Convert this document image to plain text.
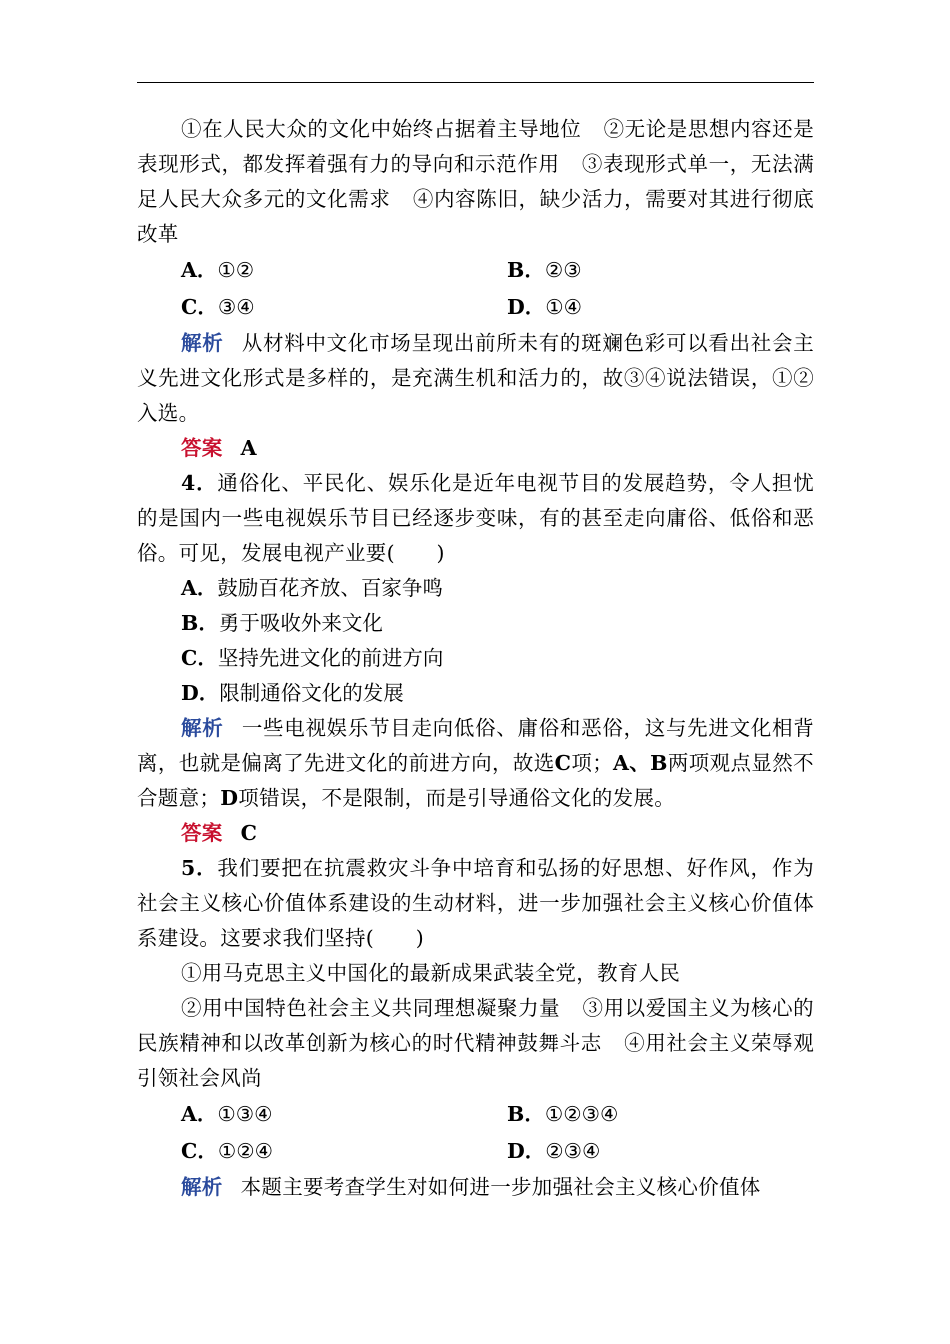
①在人民大众的文化中始终占据着主导地位 ②无论是思想内容还是表现形式，都发挥着强有力的导向和示范作用 ③表现形式单一，无法满足人民大众多元的文化需求 ④内容陈旧，缺少活力，需要对其进行彻底改革
A．①②	B．②③
C．③④	D．①④
解析 从材料中文化市场呈现出前所未有的斑斓色彩可以看出社会主义先进文化形式是多样的，是充满生机和活力的，故③④说法错误，①②入选。
答案 A
4．通俗化、平民化、娱乐化是近年电视节目的发展趋势，令人担忧的是国内一些电视娱乐节目已经逐步变味，有的甚至走向庸俗、低俗和恶俗。可见，发展电视产业要(　　)
A．鼓励百花齐放、百家争鸣
B．勇于吸收外来文化
C．坚持先进文化的前进方向
D．限制通俗文化的发展
解析 一些电视娱乐节目走向低俗、庸俗和恶俗，这与先进文化相背离，也就是偏离了先进文化的前进方向，故选C项；A、B两项观点显然不合题意；D项错误，不是限制，而是引导通俗文化的发展。
答案 C
5．我们要把在抗震救灾斗争中培育和弘扬的好思想、好作风，作为社会主义核心价值体系建设的生动材料，进一步加强社会主义核心价值体系建设。这要求我们坚持(　　)
①用马克思主义中国化的最新成果武装全党，教育人民
②用中国特色社会主义共同理想凝聚力量 ③用以爱国主义为核心的民族精神和以改革创新为核心的时代精神鼓舞斗志 ④用社会主义荣辱观引领社会风尚
A．①③④	B．①②③④
C．①②④	D．②③④
解析 本题主要考查学生对如何进一步加强社会主义核心价值体
